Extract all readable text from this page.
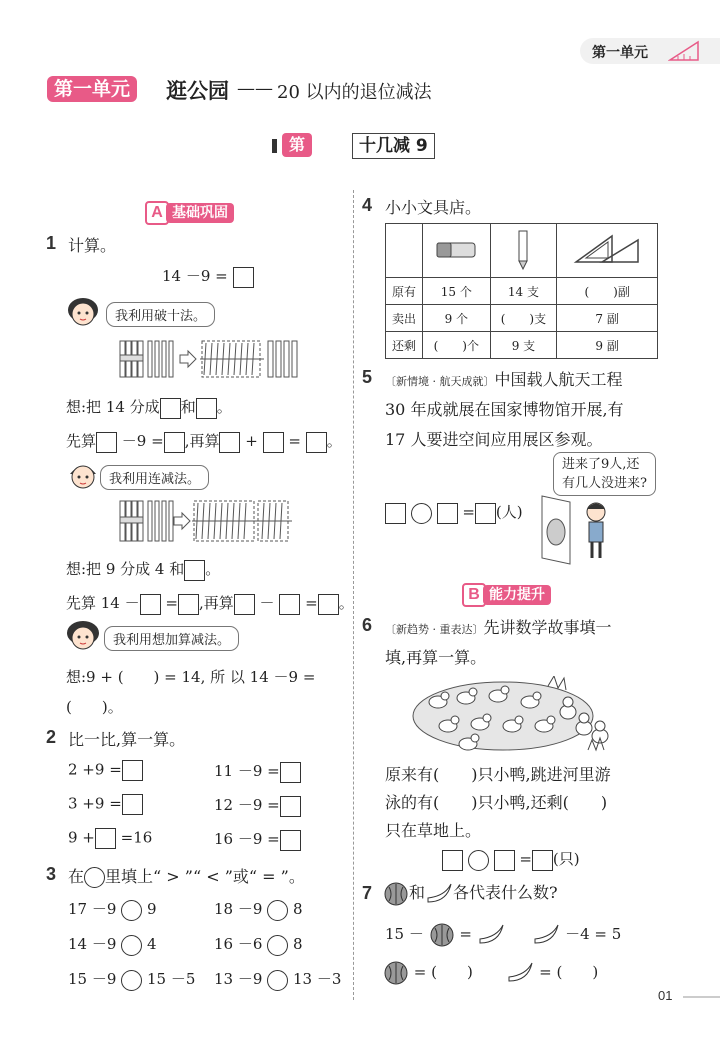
第一单元
第一单元	逛公园 —— 20 以内的退位减法
第1节
十几减 9
A 基础巩固
1 计算。
14 －9 =
我利用破十法。
想:把 14 分成 和 。
先算 －9 = ,再算 + = 。
我利用连减法。
想:把 9 分成 4 和 。
先算 14 － = ,再算 － = 。
我利用想加算减法。
想:9 + (　　) = 14, 所 以 14 －9 =
(　　)。
2 比一比,算一算。
2 +9 =
3 +9 =
9 + =16
11 －9 =
12 －9 =
16 －9 =
3 在 里填上“ > ”“ < ”或“ = ”。
17 －9 9	18 －9 8
14 －9 4	16 －6 8
15 －9 15 －5 13 －9 13 －3
4 小小文具店。

原有	15 个	14 支	(　　)副
卖出	9 个	(　　)支	7 副
还剩	(　　)个	9 支	9 副
5 〔新情境 · 航天成就〕中国载人航天工程
30 年成就展在国家博物馆开展,有
17 人要进空间应用展区参观。
进来了9人,还
有几人没进来?
= (人)
B 能力提升
6 〔新趋势 · 重表达〕先讲数学故事填一
填,再算一算。
原来有(　　)只小鸭,跳进河里游
泳的有(　　)只小鸭,还剩(　　)
只在草地上。
= (只)
7	和 各代表什么数?
15 － =	－4 = 5
= (　　)	= (　　)
01
